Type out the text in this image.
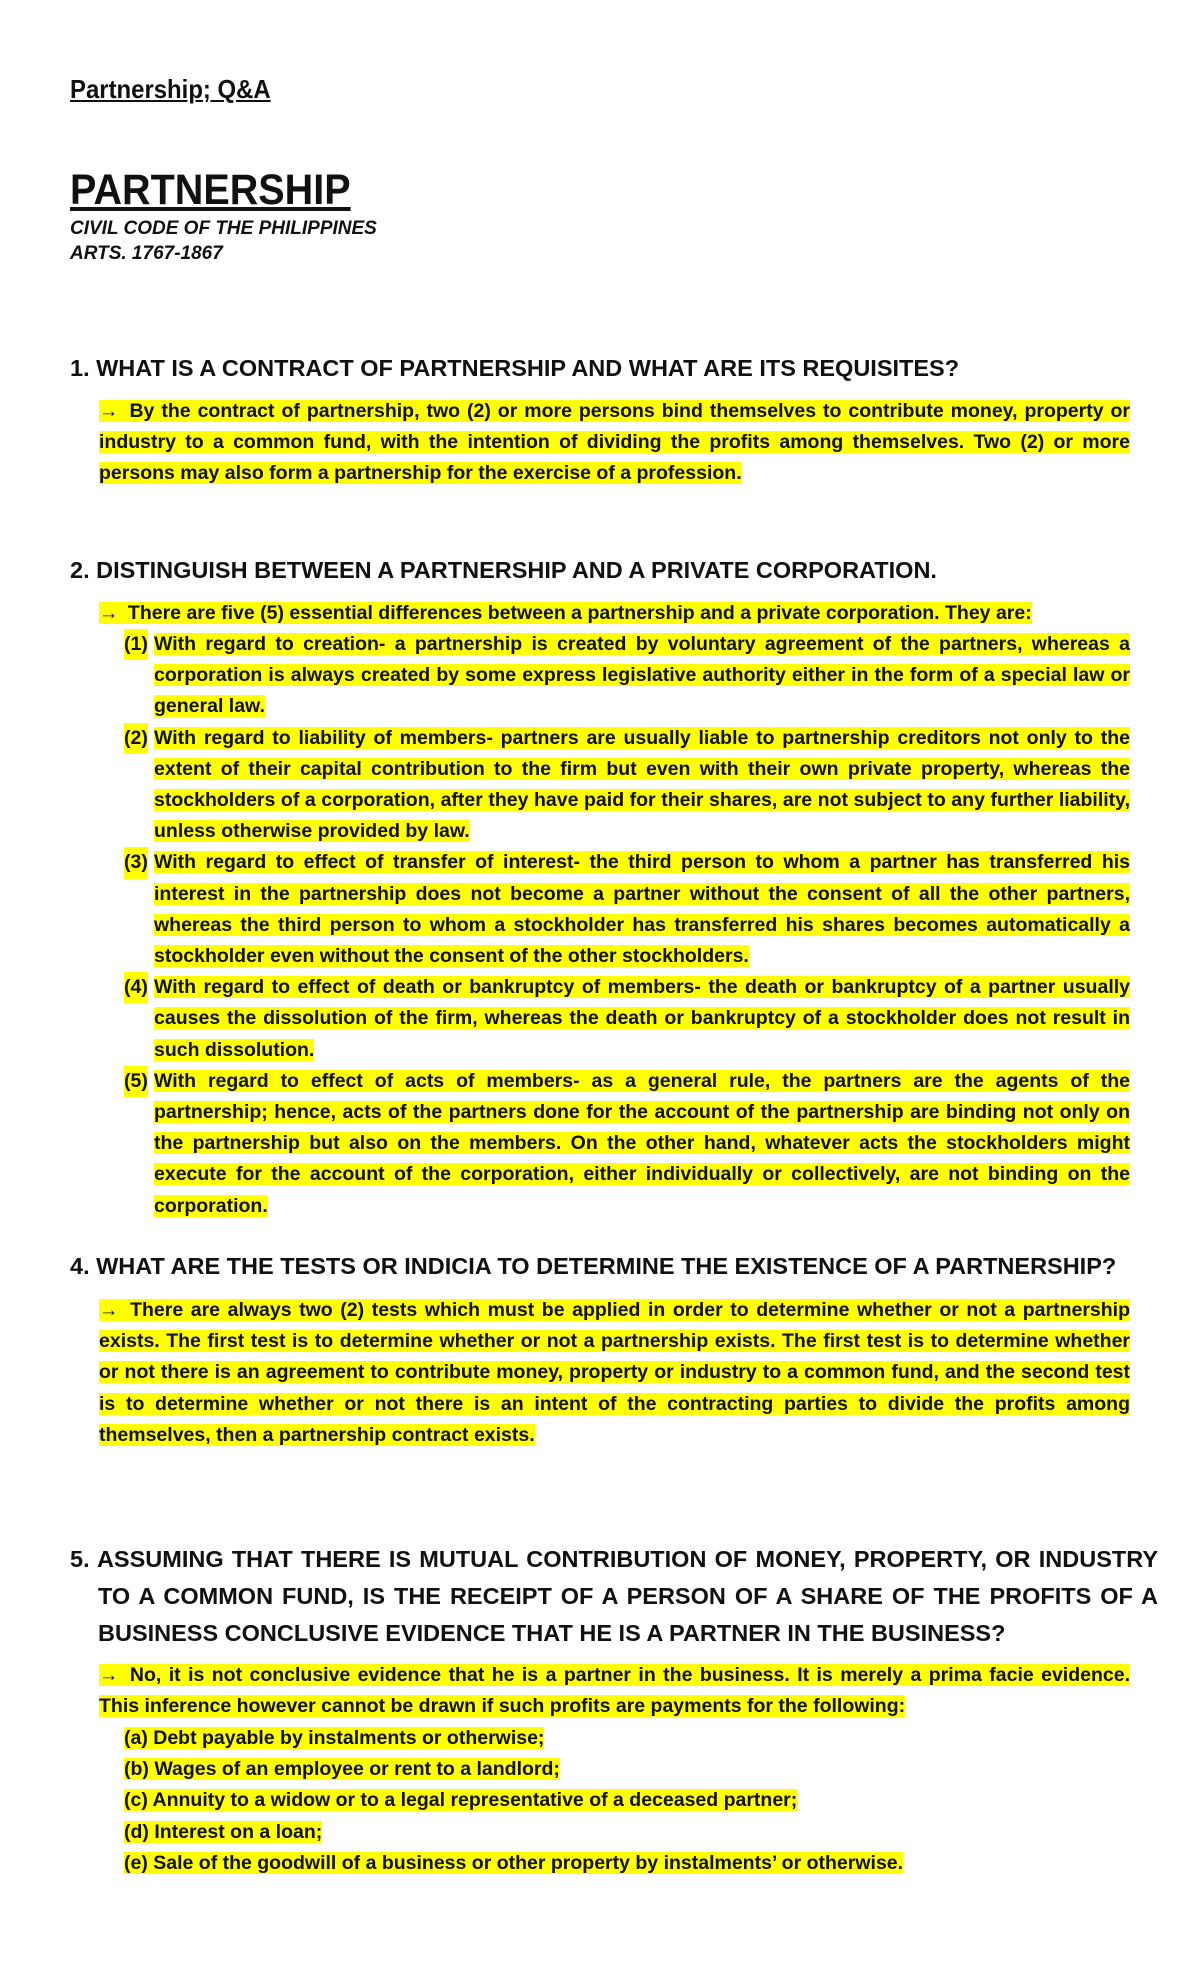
Partnership; Q&A
PARTNERSHIP
CIVIL CODE OF THE PHILIPPINES
ARTS. 1767-1867
1. WHAT IS A CONTRACT OF PARTNERSHIP AND WHAT ARE ITS REQUISITES?
→ By the contract of partnership, two (2) or more persons bind themselves to contribute money, property or industry to a common fund, with the intention of dividing the profits among themselves. Two (2) or more persons may also form a partnership for the exercise of a profession.
2. DISTINGUISH BETWEEN A PARTNERSHIP AND A PRIVATE CORPORATION.
→ There are five (5) essential differences between a partnership and a private corporation. They are:
(1) With regard to creation- a partnership is created by voluntary agreement of the partners, whereas a corporation is always created by some express legislative authority either in the form of a special law or general law.
(2) With regard to liability of members- partners are usually liable to partnership creditors not only to the extent of their capital contribution to the firm but even with their own private property, whereas the stockholders of a corporation, after they have paid for their shares, are not subject to any further liability, unless otherwise provided by law.
(3) With regard to effect of transfer of interest- the third person to whom a partner has transferred his interest in the partnership does not become a partner without the consent of all the other partners, whereas the third person to whom a stockholder has transferred his shares becomes automatically a stockholder even without the consent of the other stockholders.
(4) With regard to effect of death or bankruptcy of members- the death or bankruptcy of a partner usually causes the dissolution of the firm, whereas the death or bankruptcy of a stockholder does not result in such dissolution.
(5) With regard to effect of acts of members- as a general rule, the partners are the agents of the partnership; hence, acts of the partners done for the account of the partnership are binding not only on the partnership but also on the members. On the other hand, whatever acts the stockholders might execute for the account of the corporation, either individually or collectively, are not binding on the corporation.
4. WHAT ARE THE TESTS OR INDICIA TO DETERMINE THE EXISTENCE OF A PARTNERSHIP?
→ There are always two (2) tests which must be applied in order to determine whether or not a partnership exists. The first test is to determine whether or not a partnership exists. The first test is to determine whether or not there is an agreement to contribute money, property or industry to a common fund, and the second test is to determine whether or not there is an intent of the contracting parties to divide the profits among themselves, then a partnership contract exists.
5. ASSUMING THAT THERE IS MUTUAL CONTRIBUTION OF MONEY, PROPERTY, OR INDUSTRY TO A COMMON FUND, IS THE RECEIPT OF A PERSON OF A SHARE OF THE PROFITS OF A BUSINESS CONCLUSIVE EVIDENCE THAT HE IS A PARTNER IN THE BUSINESS?
→ No, it is not conclusive evidence that he is a partner in the business. It is merely a prima facie evidence. This inference however cannot be drawn if such profits are payments for the following:
(a) Debt payable by instalments or otherwise;
(b) Wages of an employee or rent to a landlord;
(c) Annuity to a widow or to a legal representative of a deceased partner;
(d) Interest on a loan;
(e) Sale of the goodwill of a business or other property by instalments’ or otherwise.
